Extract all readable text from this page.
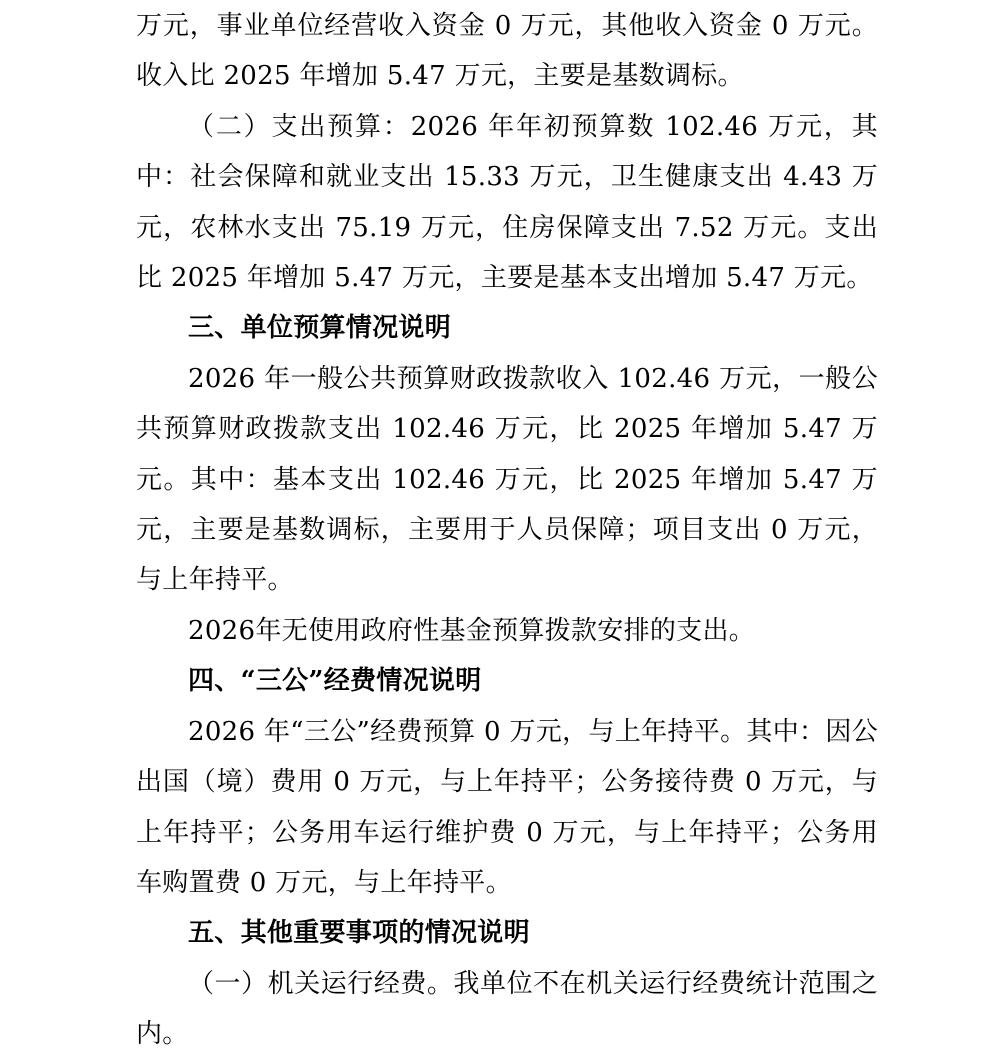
万元，事业单位经营收入资金 0 万元，其他收入资金 0 万元。收入比 2025 年增加 5.47 万元，主要是基数调标。

（二）支出预算：2026 年年初预算数 102.46 万元，其中：社会保障和就业支出 15.33 万元，卫生健康支出 4.43 万元，农林水支出 75.19 万元，住房保障支出 7.52 万元。支出比 2025 年增加 5.47 万元，主要是基本支出增加 5.47 万元。

三、单位预算情况说明

2026 年一般公共预算财政拨款收入 102.46 万元，一般公共预算财政拨款支出 102.46 万元，比 2025 年增加 5.47 万元。其中：基本支出 102.46 万元，比 2025 年增加 5.47 万元，主要是基数调标，主要用于人员保障；项目支出 0 万元，与上年持平。

2026年无使用政府性基金预算拨款安排的支出。

四、“三公”经费情况说明

2026 年“三公”经费预算 0 万元，与上年持平。其中：因公出国（境）费用 0 万元，与上年持平；公务接待费 0 万元，与上年持平；公务用车运行维护费 0 万元，与上年持平；公务用车购置费 0 万元，与上年持平。

五、其他重要事项的情况说明

（一）机关运行经费。我单位不在机关运行经费统计范围之内。
